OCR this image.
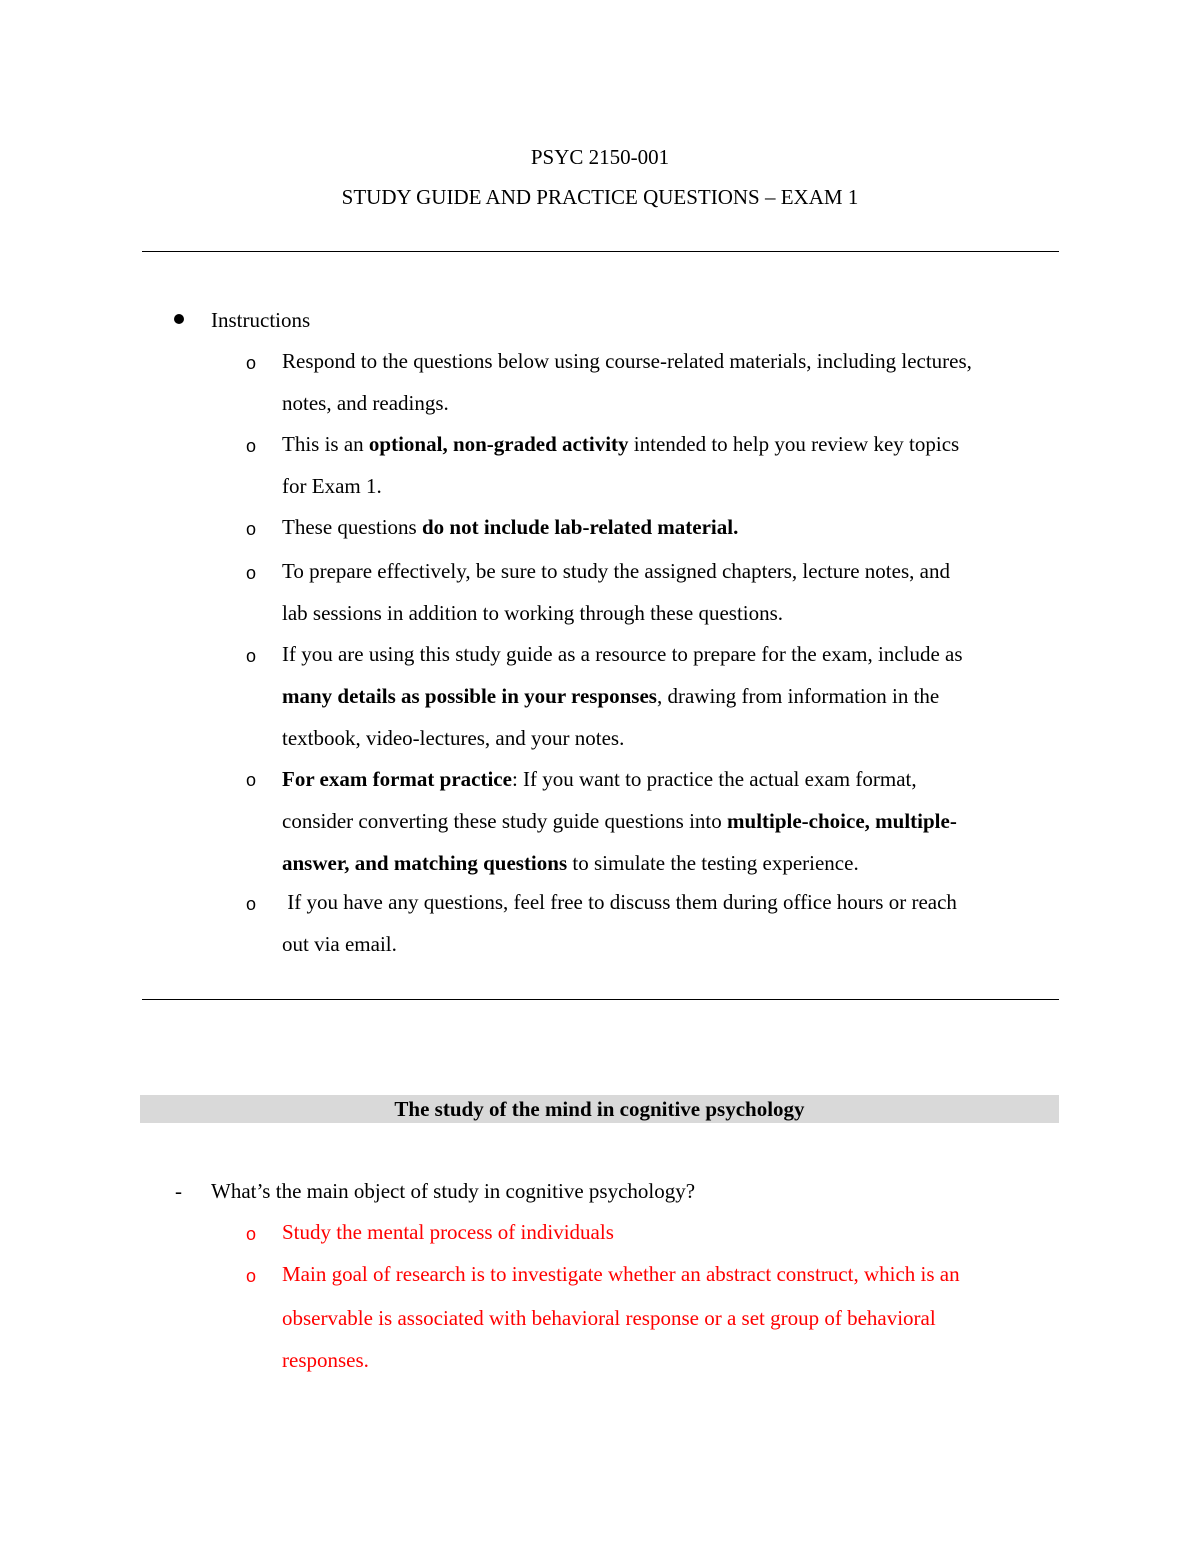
PSYC 2150-001
STUDY GUIDE AND PRACTICE QUESTIONS – EXAM 1
Instructions
o	Respond to the questions below using course-related materials, including lectures,
notes, and readings.
o	This is an optional, non-graded activity intended to help you review key topics
for Exam 1.
o	These questions do not include lab-related material.
o	To prepare effectively, be sure to study the assigned chapters, lecture notes, and
lab sessions in addition to working through these questions.
o	If you are using this study guide as a resource to prepare for the exam, include as
many details as possible in your responses, drawing from information in the
textbook, video-lectures, and your notes.
o	For exam format practice: If you want to practice the actual exam format,
consider converting these study guide questions into multiple-choice, multiple-
answer, and matching questions to simulate the testing experience.
o	If you have any questions, feel free to discuss them during office hours or reach
out via email.
The study of the mind in cognitive psychology
- What’s the main object of study in cognitive psychology?
o	Study the mental process of individuals
o	Main goal of research is to investigate whether an abstract construct, which is an
observable is associated with behavioral response or a set group of behavioral
responses.
